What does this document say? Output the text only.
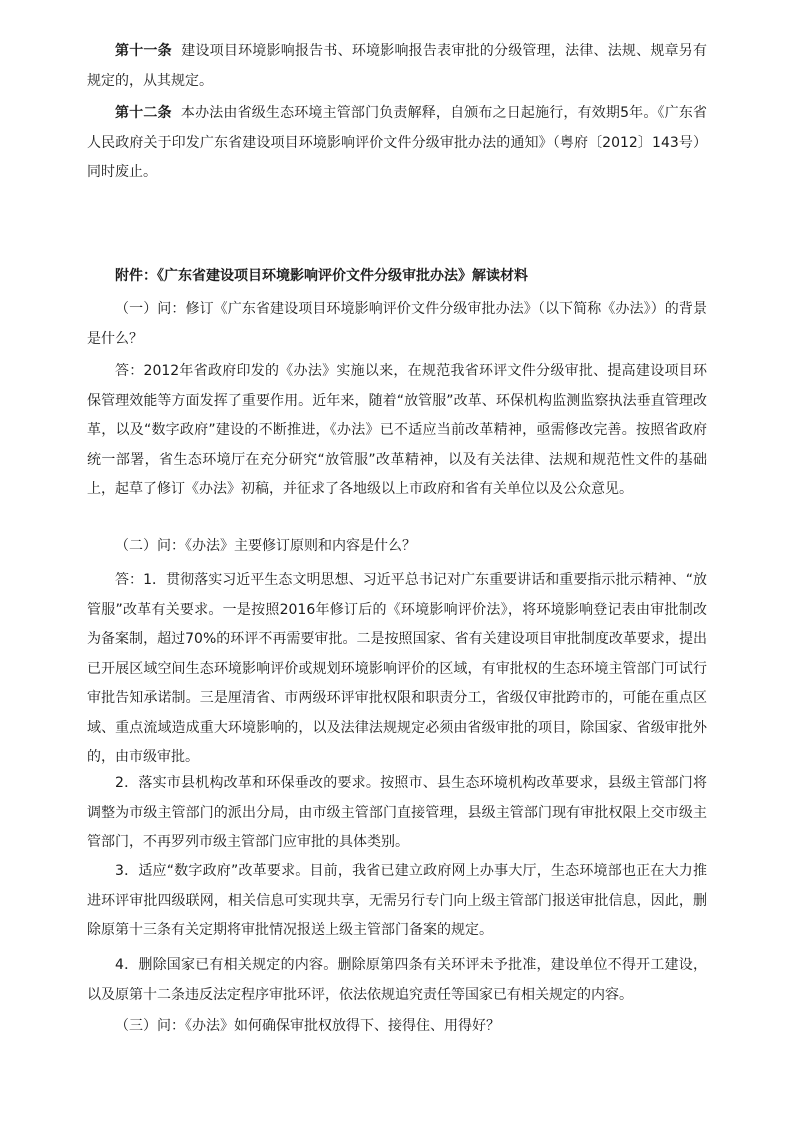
第十一条 建设项目环境影响报告书、环境影响报告表审批的分级管理，法律、法规、规章另有规定的，从其规定。

第十二条 本办法由省级生态环境主管部门负责解释，自颁布之日起施行，有效期5年。《广东省人民政府关于印发广东省建设项目环境影响评价文件分级审批办法的通知》（粤府〔2012〕143号）同时废止。

附件：《广东省建设项目环境影响评价文件分级审批办法》解读材料

（一）问：修订《广东省建设项目环境影响评价文件分级审批办法》（以下简称《办法》）的背景是什么？

答：2012年省政府印发的《办法》实施以来，在规范我省环评文件分级审批、提高建设项目环保管理效能等方面发挥了重要作用。近年来，随着“放管服”改革、环保机构监测监察执法垂直管理改革，以及“数字政府”建设的不断推进，《办法》已不适应当前改革精神，亟需修改完善。按照省政府统一部署，省生态环境厅在充分研究“放管服”改革精神，以及有关法律、法规和规范性文件的基础上，起草了修订《办法》初稿，并征求了各地级以上市政府和省有关单位以及公众意见。

（二）问：《办法》主要修订原则和内容是什么？

答：1．贯彻落实习近平生态文明思想、习近平总书记对广东重要讲话和重要指示批示精神、“放管服”改革有关要求。一是按照2016年修订后的《环境影响评价法》，将环境影响登记表由审批制改为备案制，超过70%的环评不再需要审批。二是按照国家、省有关建设项目审批制度改革要求，提出已开展区域空间生态环境影响评价或规划环境影响评价的区域，有审批权的生态环境主管部门可试行审批告知承诺制。三是厘清省、市两级环评审批权限和职责分工，省级仅审批跨市的，可能在重点区域、重点流域造成重大环境影响的，以及法律法规规定必须由省级审批的项目，除国家、省级审批外的，由市级审批。

2．落实市县机构改革和环保垂改的要求。按照市、县生态环境机构改革要求，县级主管部门将调整为市级主管部门的派出分局，由市级主管部门直接管理，县级主管部门现有审批权限上交市级主管部门，不再罗列市级主管部门应审批的具体类别。

3．适应“数字政府”改革要求。目前，我省已建立政府网上办事大厅，生态环境部也正在大力推进环评审批四级联网，相关信息可实现共享，无需另行专门向上级主管部门报送审批信息，因此，删除原第十三条有关定期将审批情况报送上级主管部门备案的规定。

4．删除国家已有相关规定的内容。删除原第四条有关环评未予批准，建设单位不得开工建设，以及原第十二条违反法定程序审批环评，依法依规追究责任等国家已有相关规定的内容。

（三）问：《办法》如何确保审批权放得下、接得住、用得好？
